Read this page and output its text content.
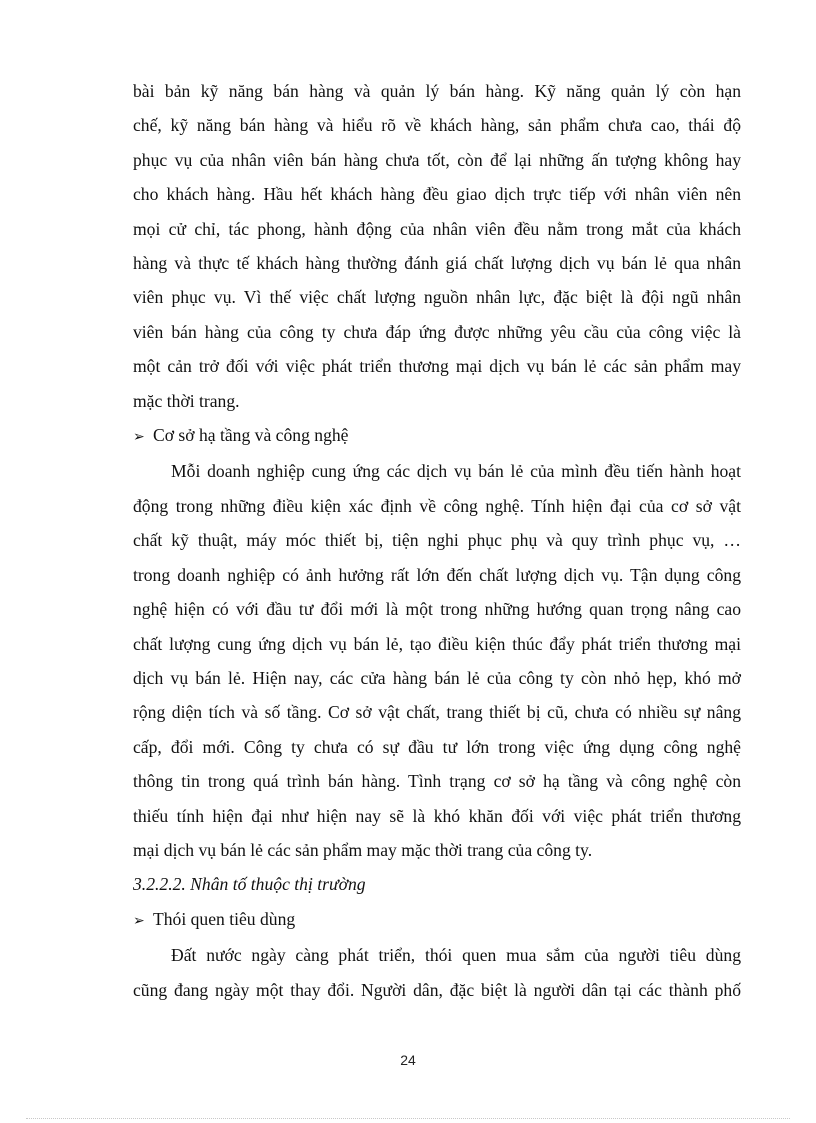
bài bản kỹ năng bán hàng và quản lý bán hàng. Kỹ năng quản lý còn hạn

chế, kỹ năng bán hàng và hiểu rõ về khách hàng, sản phẩm chưa cao, thái độ

phục vụ của nhân viên bán hàng chưa tốt, còn để lại những ấn tượng không hay

cho khách hàng. Hầu hết khách hàng đều giao dịch trực tiếp với nhân viên nên

mọi cử chỉ, tác phong, hành động của nhân viên đều nằm trong mắt của khách

hàng và thực tế khách hàng thường đánh giá chất lượng dịch vụ bán lẻ qua nhân

viên phục vụ. Vì thế việc chất lượng nguồn nhân lực, đặc biệt là đội ngũ nhân

viên bán hàng của công ty chưa đáp ứng được những yêu cầu của công việc là

một cản trở đối với việc phát triển thương mại dịch vụ bán lẻ các sản phẩm may

mặc thời trang.

➢ Cơ sở hạ tầng và công nghệ

Mỗi doanh nghiệp cung ứng các dịch vụ bán lẻ của mình đều tiến hành hoạt

động trong những điều kiện xác định về công nghệ. Tính hiện đại của cơ sở vật

chất kỹ thuật, máy móc thiết bị, tiện nghi phục phụ và quy trình phục vụ, …

trong doanh nghiệp có ảnh hưởng rất lớn đến chất lượng dịch vụ. Tận dụng công

nghệ hiện có với đầu tư đổi mới là một trong những hướng quan trọng nâng cao

chất lượng cung ứng dịch vụ bán lẻ, tạo điều kiện thúc đẩy phát triển thương mại

dịch vụ bán lẻ. Hiện nay, các cửa hàng bán lẻ của công ty còn nhỏ hẹp, khó mở

rộng diện tích và số tầng. Cơ sở vật chất, trang thiết bị cũ, chưa có nhiều sự nâng

cấp, đổi mới. Công ty chưa có sự đầu tư lớn trong việc ứng dụng công nghệ

thông tin trong quá trình bán hàng. Tình trạng cơ sở hạ tầng và công nghệ còn

thiếu tính hiện đại như hiện nay sẽ là khó khăn đối với việc phát triển thương

mại dịch vụ bán lẻ các sản phẩm may mặc thời trang của công ty.

3.2.2.2. Nhân tố thuộc thị trường

➢ Thói quen tiêu dùng

Đất nước ngày càng phát triển, thói quen mua sắm của người tiêu dùng

cũng đang ngày một thay đổi. Người dân, đặc biệt là người dân tại các thành phố

24
